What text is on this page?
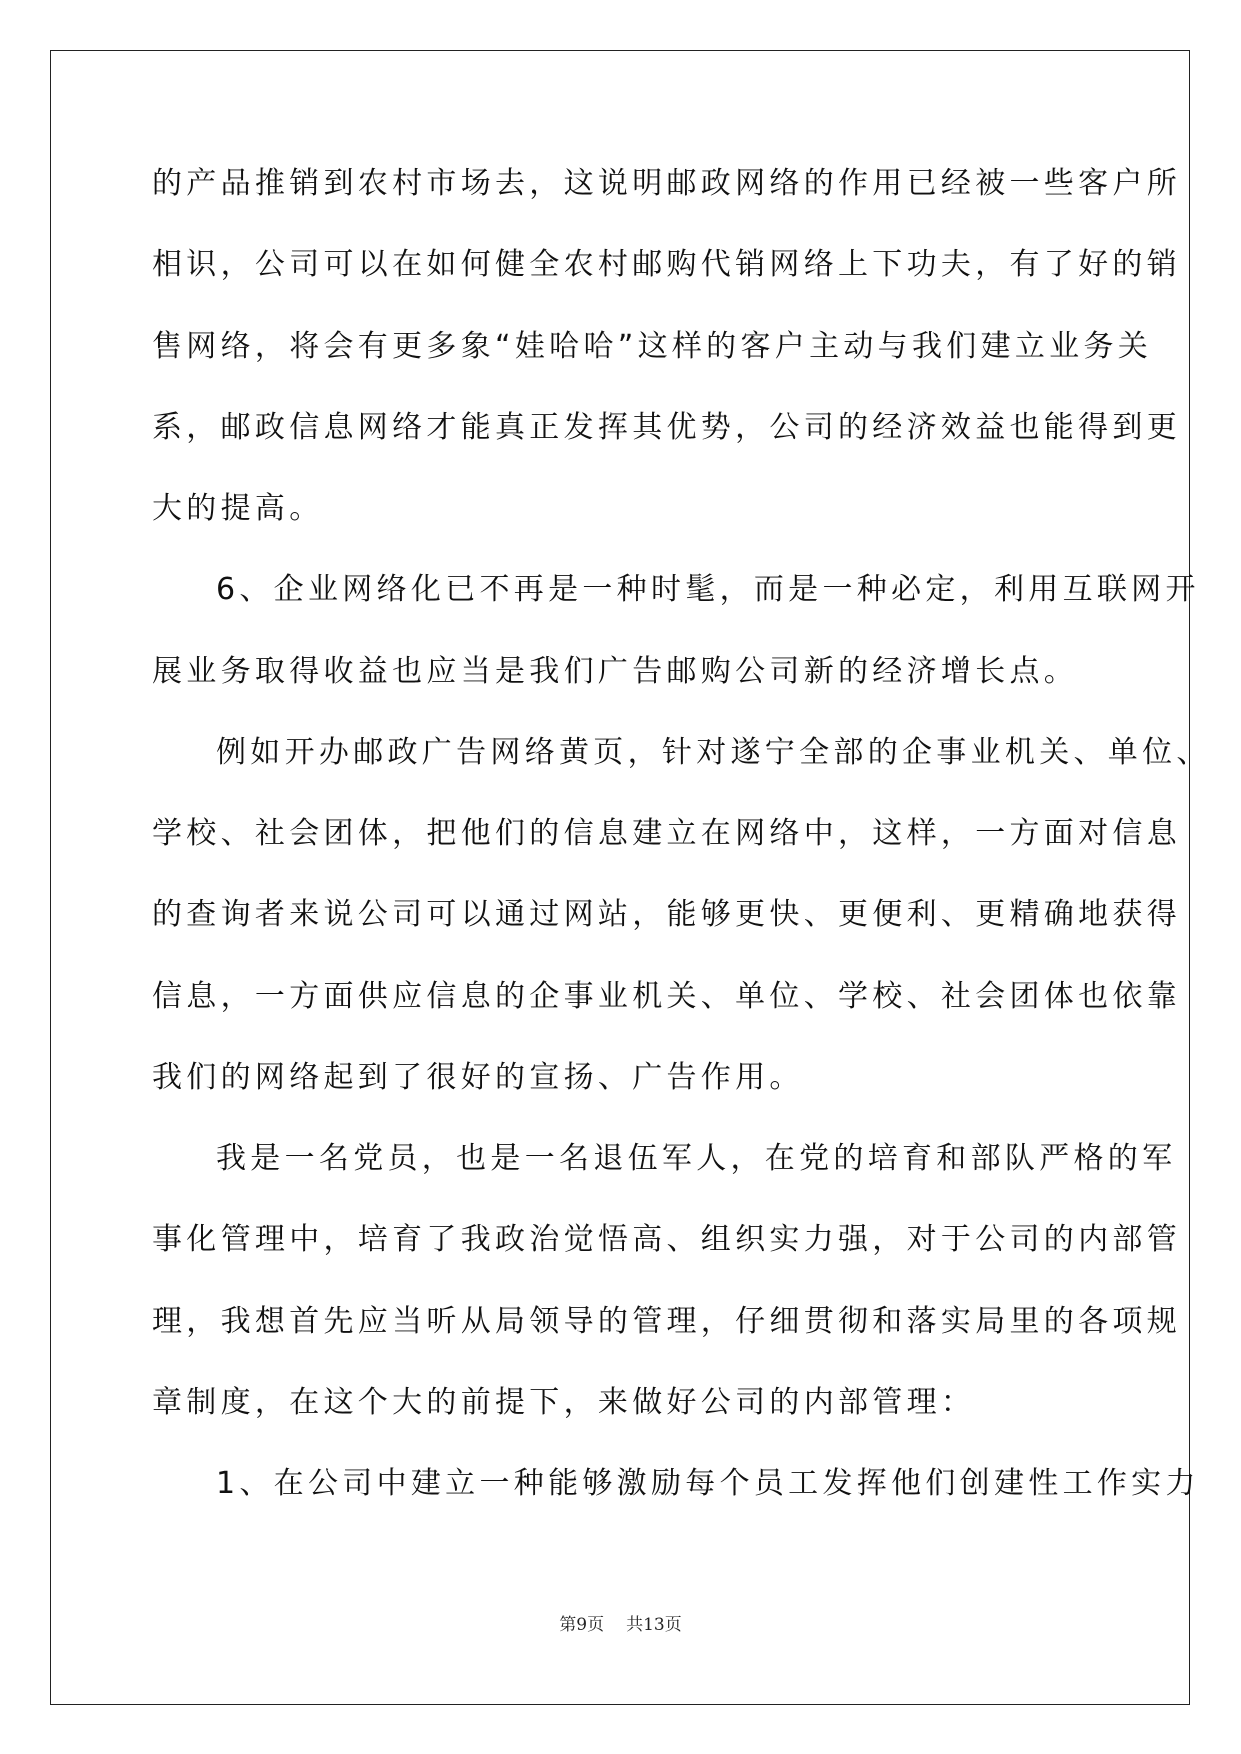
的产品推销到农村市场去，这说明邮政网络的作用已经被一些客户所
相识，公司可以在如何健全农村邮购代销网络上下功夫，有了好的销
售网络，将会有更多象“娃哈哈”这样的客户主动与我们建立业务关
系，邮政信息网络才能真正发挥其优势，公司的经济效益也能得到更
大的提高。
6、企业网络化已不再是一种时髦，而是一种必定，利用互联网开
展业务取得收益也应当是我们广告邮购公司新的经济增长点。
例如开办邮政广告网络黄页，针对遂宁全部的企事业机关、单位、
学校、社会团体，把他们的信息建立在网络中，这样，一方面对信息
的查询者来说公司可以通过网站，能够更快、更便利、更精确地获得
信息，一方面供应信息的企事业机关、单位、学校、社会团体也依靠
我们的网络起到了很好的宣扬、广告作用。
我是一名党员，也是一名退伍军人，在党的培育和部队严格的军
事化管理中，培育了我政治觉悟高、组织实力强，对于公司的内部管
理，我想首先应当听从局领导的管理，仔细贯彻和落实局里的各项规
章制度，在这个大的前提下，来做好公司的内部管理：
1、在公司中建立一种能够激励每个员工发挥他们创建性工作实力
第9页 共13页
